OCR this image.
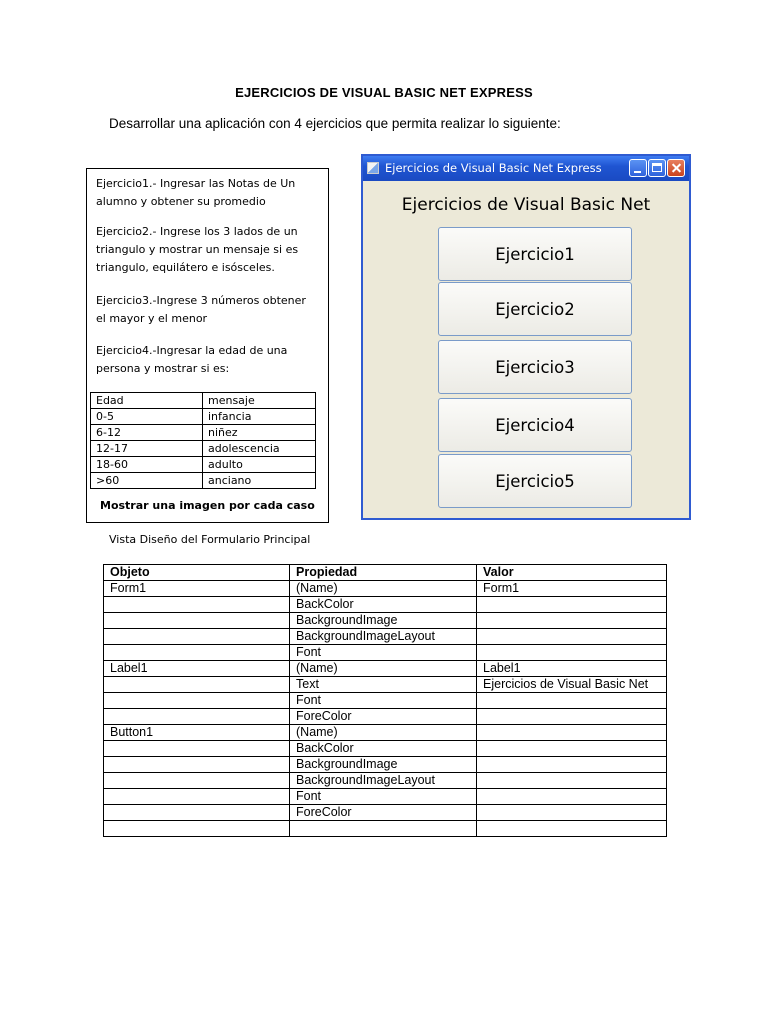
EJERCICIOS DE VISUAL BASIC NET EXPRESS
Desarrollar una aplicación con 4 ejercicios que permita realizar lo siguiente:

Ejercicio1.- Ingresar las Notas de Un alumno y obtener su promedio

Ejercicio2.- Ingrese los 3 lados de un triangulo y mostrar un mensaje si es triangulo, equilátero e isósceles.

Ejercicio3.-Ingrese 3 números obtener el mayor y el menor

Ejercicio4.-Ingresar la edad de una persona y mostrar si es:

Edad	mensaje
0-5	infancia
6-12	niñez
12-17	adolescencia
18-60	adulto
>60	anciano
Mostrar una imagen por cada caso
Ejercicios de Visual Basic Net Express
Ejercicios de Visual Basic Net
Ejercicio1
Ejercicio2
Ejercicio3
Ejercicio4
Ejercicio5
Vista Diseño del Formulario Principal
Objeto	Propiedad	Valor
Form1	(Name)	Form1
	BackColor	
	BackgroundImage	
	BackgroundImageLayout	
	Font	
Label1	(Name)	Label1
	Text	Ejercicios de Visual Basic Net
	Font	
	ForeColor	
Button1	(Name)	
	BackColor	
	BackgroundImage	
	BackgroundImageLayout	
	Font	
	ForeColor	
